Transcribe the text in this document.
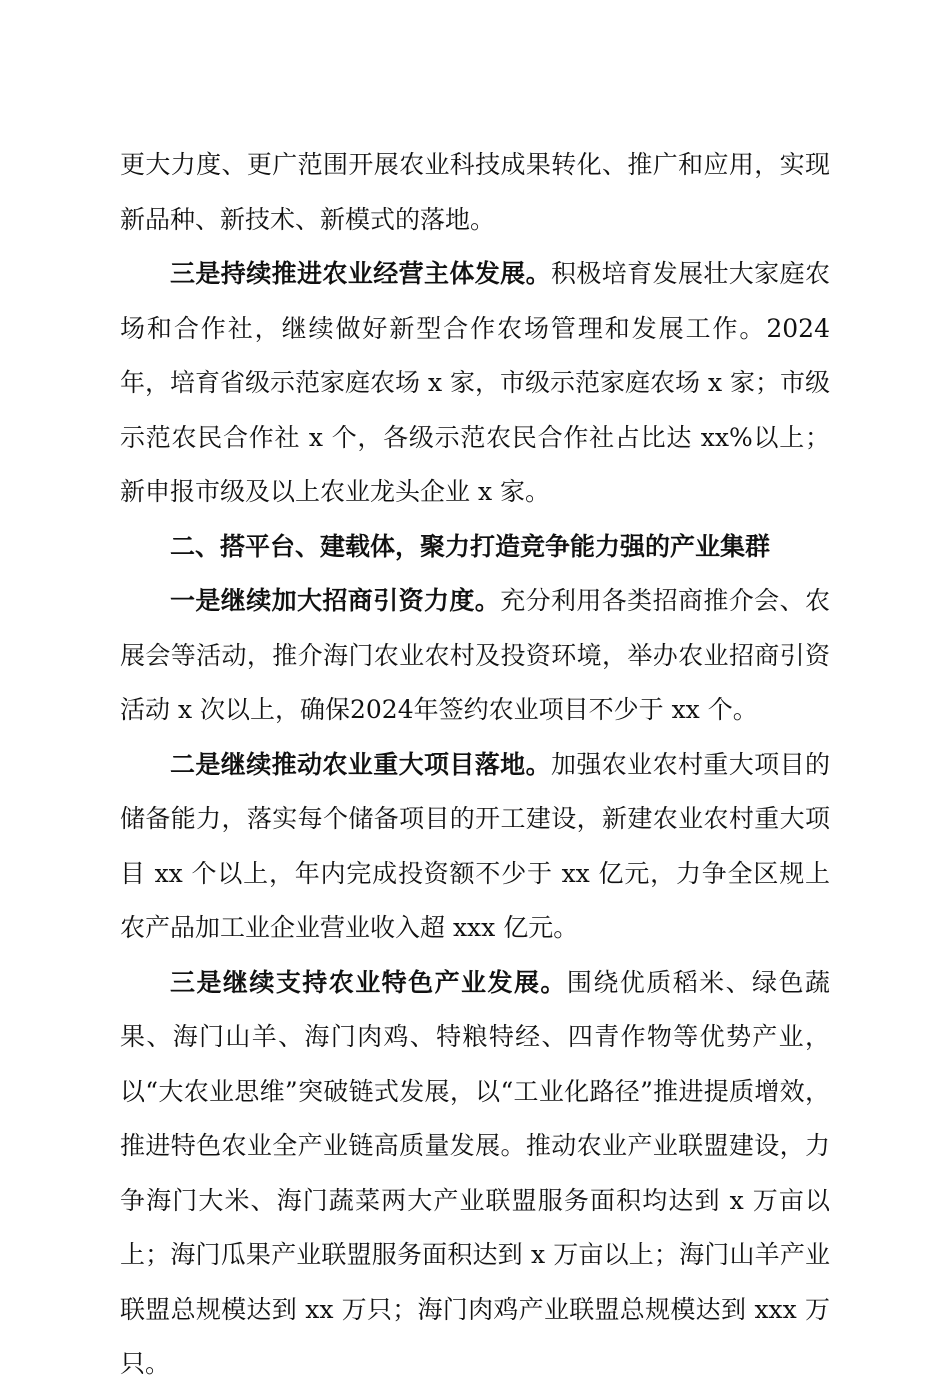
更大力度、更广范围开展农业科技成果转化、推广和应用，实现新品种、新技术、新模式的落地。

三是持续推进农业经营主体发展。积极培育发展壮大家庭农场和合作社，继续做好新型合作农场管理和发展工作。2024年，培育省级示范家庭农场 x 家，市级示范家庭农场 x 家；市级示范农民合作社 x 个，各级示范农民合作社占比达 xx%以上；新申报市级及以上农业龙头企业 x 家。

二、搭平台、建载体，聚力打造竞争能力强的产业集群

一是继续加大招商引资力度。充分利用各类招商推介会、农展会等活动，推介海门农业农村及投资环境，举办农业招商引资活动 x 次以上，确保2024年签约农业项目不少于 xx 个。

二是继续推动农业重大项目落地。加强农业农村重大项目的储备能力，落实每个储备项目的开工建设，新建农业农村重大项目 xx 个以上，年内完成投资额不少于 xx 亿元，力争全区规上农产品加工业企业营业收入超 xxx 亿元。

三是继续支持农业特色产业发展。围绕优质稻米、绿色蔬果、海门山羊、海门肉鸡、特粮特经、四青作物等优势产业，以“大农业思维”突破链式发展，以“工业化路径”推进提质增效，推进特色农业全产业链高质量发展。推动农业产业联盟建设，力争海门大米、海门蔬菜两大产业联盟服务面积均达到 x 万亩以上；海门瓜果产业联盟服务面积达到 x 万亩以上；海门山羊产业联盟总规模达到 xx 万只；海门肉鸡产业联盟总规模达到 xxx 万只。
